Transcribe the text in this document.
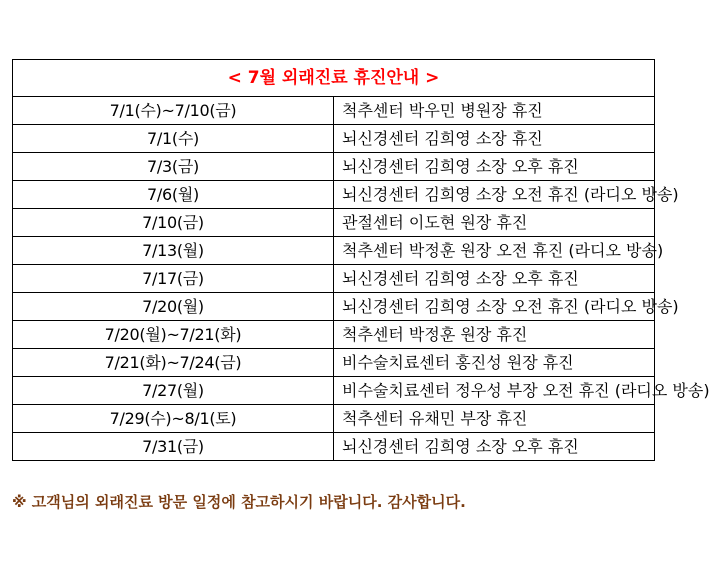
< 7월 외래진료 휴진안내 >	
7/1(수)~7/10(금)	척추센터 박우민 병원장 휴진
7/1(수)	뇌신경센터 김희영 소장 휴진
7/3(금)	뇌신경센터 김희영 소장 오후 휴진
7/6(월)	뇌신경센터 김희영 소장 오전 휴진 (라디오 방송)
7/10(금)	관절센터 이도현 원장 휴진
7/13(월)	척추센터 박정훈 원장 오전 휴진 (라디오 방송)
7/17(금)	뇌신경센터 김희영 소장 오후 휴진
7/20(월)	뇌신경센터 김희영 소장 오전 휴진 (라디오 방송)
7/20(월)~7/21(화)	척추센터 박정훈 원장 휴진
7/21(화)~7/24(금)	비수술치료센터 홍진성 원장 휴진
7/27(월)	비수술치료센터 정우성 부장 오전 휴진 (라디오 방송)
7/29(수)~8/1(토)	척추센터 유채민 부장 휴진
7/31(금)	뇌신경센터 김희영 소장 오후 휴진
※ 고객님의 외래진료 방문 일정에 참고하시기 바랍니다. 감사합니다.
